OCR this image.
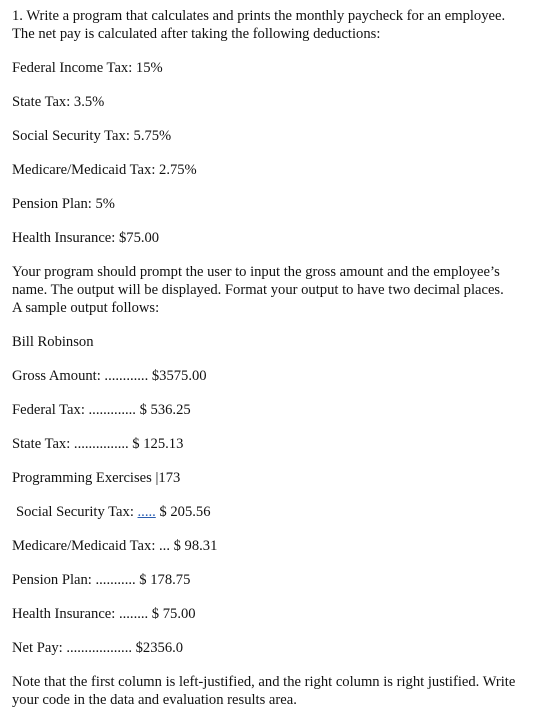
1. Write a program that calculates and prints the monthly paycheck for an employee.
The net pay is calculated after taking the following deductions:
Federal Income Tax: 15%
State Tax: 3.5%
Social Security Tax: 5.75%
Medicare/Medicaid Tax: 2.75%
Pension Plan: 5%
Health Insurance: $75.00
Your program should prompt the user to input the gross amount and the employee’s
name. The output will be displayed. Format your output to have two decimal places.
A sample output follows:
Bill Robinson
Gross Amount: ............ $3575.00
Federal Tax: ............. $ 536.25
State Tax: ............... $ 125.13
Programming Exercises |173
Social Security Tax: ..... $ 205.56
Medicare/Medicaid Tax: ... $ 98.31
Pension Plan: ........... $ 178.75
Health Insurance: ........ $ 75.00
Net Pay: .................. $2356.0
Note that the first column is left-justified, and the right column is right justified. Write
your code in the data and evaluation results area.
